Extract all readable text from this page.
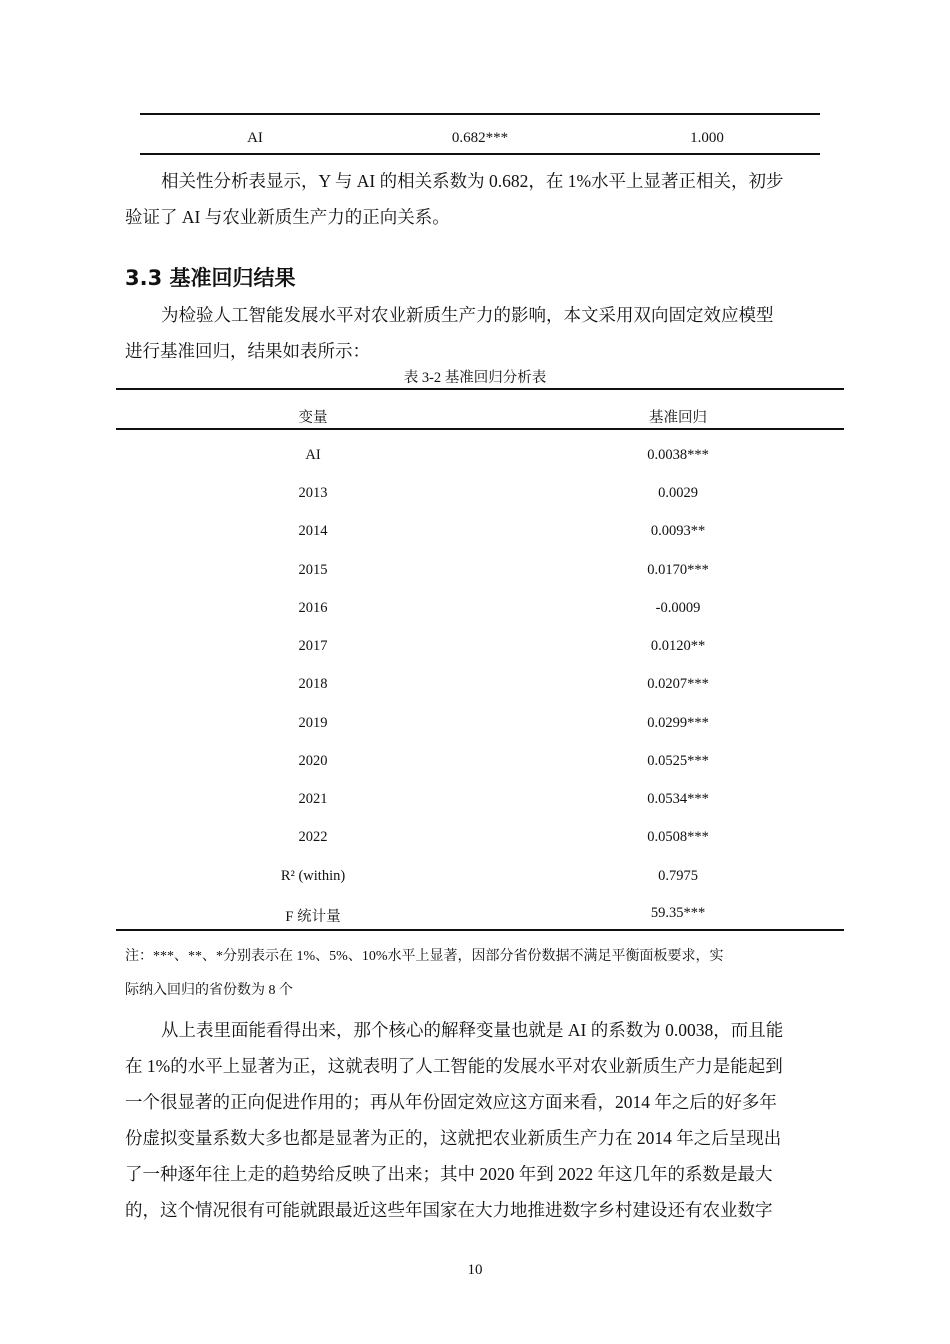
AI	0.682***	1.000
相关性分析表显示，Y 与 AI 的相关系数为 0.682，在 1%水平上显著正相关，初步
验证了 AI 与农业新质生产力的正向关系。
3.3 基准回归结果
为检验人工智能发展水平对农业新质生产力的影响，本文采用双向固定效应模型
进行基准回归，结果如表所示：
表 3-2 基准回归分析表
变量	基准回归
AI	0.0038***
2013	0.0029
2014	0.0093**
2015	0.0170***
2016	-0.0009
2017	0.0120**
2018	0.0207***
2019	0.0299***
2020	0.0525***
2021	0.0534***
2022	0.0508***
R² (within)	0.7975
F 统计量	59.35***
注：***、**、*分别表示在 1%、5%、10%水平上显著，因部分省份数据不满足平衡面板要求，实
际纳入回归的省份数为 8 个
从上表里面能看得出来，那个核心的解释变量也就是 AI 的系数为 0.0038，而且能
在 1%的水平上显著为正，这就表明了人工智能的发展水平对农业新质生产力是能起到
一个很显著的正向促进作用的；再从年份固定效应这方面来看，2014 年之后的好多年
份虚拟变量系数大多也都是显著为正的，这就把农业新质生产力在 2014 年之后呈现出
了一种逐年往上走的趋势给反映了出来；其中 2020 年到 2022 年这几年的系数是最大
的，这个情况很有可能就跟最近这些年国家在大力地推进数字乡村建设还有农业数字
10
